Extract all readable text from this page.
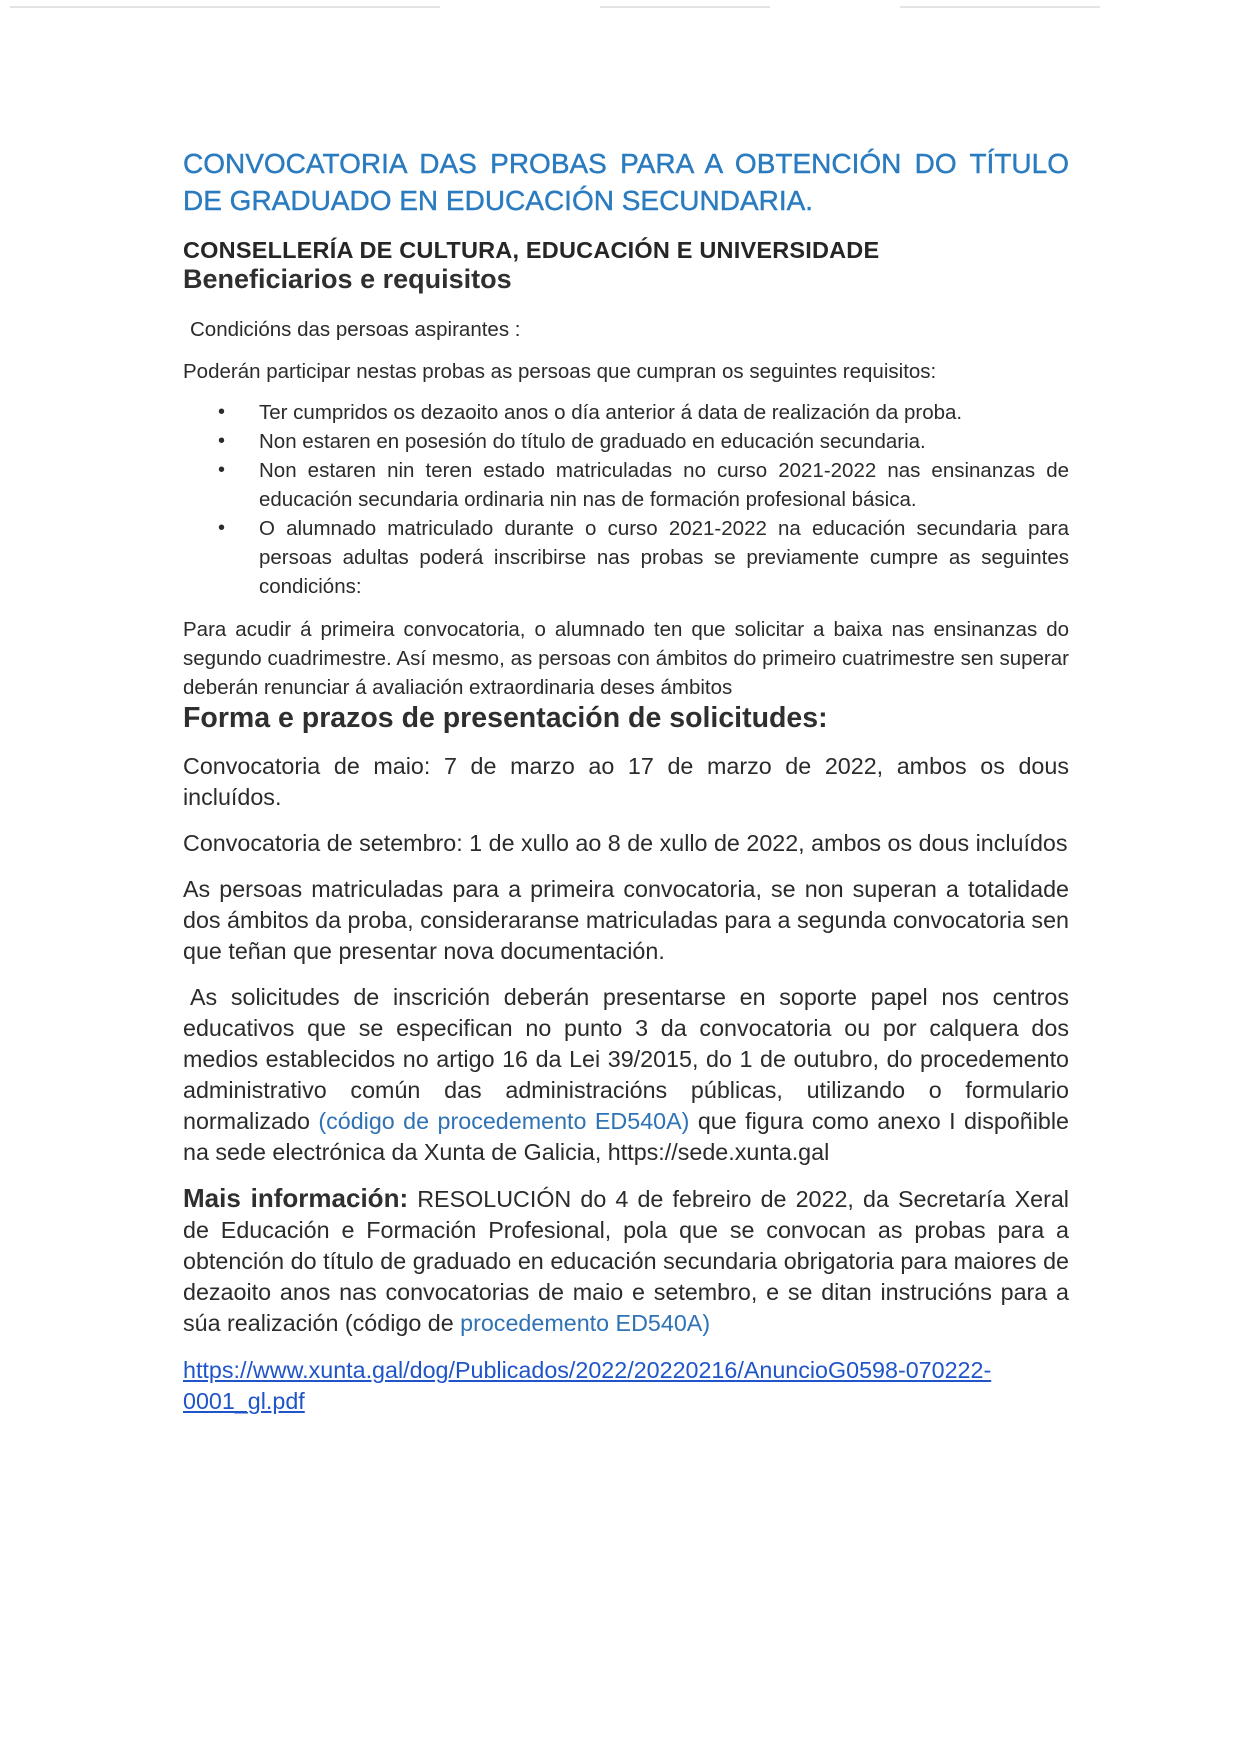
CONVOCATORIA DAS PROBAS PARA A OBTENCIÓN DO TÍTULO DE GRADUADO EN EDUCACIÓN SECUNDARIA.
CONSELLERÍA DE CULTURA, EDUCACIÓN E UNIVERSIDADE
Beneficiarios e requisitos

Condicións das persoas aspirantes :

Poderán participar nestas probas as persoas que cumpran os seguintes requisitos:

• Ter cumpridos os dezaoito anos o día anterior á data de realización da proba.
• Non estaren en posesión do título de graduado en educación secundaria.
• Non estaren nin teren estado matriculadas no curso 2021-2022 nas ensinanzas de educación secundaria ordinaria nin nas de formación profesional básica.
• O alumnado matriculado durante o curso 2021-2022 na educación secundaria para persoas adultas poderá inscribirse nas probas se previamente cumpre as seguintes condicións:

Para acudir á primeira convocatoria, o alumnado ten que solicitar a baixa nas ensinanzas do segundo cuadrimestre. Así mesmo, as persoas con ámbitos do primeiro cuatrimestre sen superar deberán renunciar á avaliación extraordinaria deses ámbitos

Forma e prazos de presentación de solicitudes:

Convocatoria de maio: 7 de marzo ao 17 de marzo de 2022, ambos os dous incluídos.

Convocatoria de setembro: 1 de xullo ao 8 de xullo de 2022, ambos os dous incluídos

As persoas matriculadas para a primeira convocatoria, se non superan a totalidade dos ámbitos da proba, consideraranse matriculadas para a segunda convocatoria sen que teñan que presentar nova documentación.

As solicitudes de inscrición deberán presentarse en soporte papel nos centros educativos que se especifican no punto 3 da convocatoria ou por calquera dos medios establecidos no artigo 16 da Lei 39/2015, do 1 de outubro, do procedemento administrativo común das administracións públicas, utilizando o formulario normalizado (código de procedemento ED540A) que figura como anexo I dispoñible na sede electrónica da Xunta de Galicia, https://sede.xunta.gal

Mais información: RESOLUCIÓN do 4 de febreiro de 2022, da Secretaría Xeral de Educación e Formación Profesional, pola que se convocan as probas para a obtención do título de graduado en educación secundaria obrigatoria para maiores de dezaoito anos nas convocatorias de maio e setembro, e se ditan instrucións para a súa realización (código de procedemento ED540A)

https://www.xunta.gal/dog/Publicados/2022/20220216/AnuncioG0598-070222-0001_gl.pdf
